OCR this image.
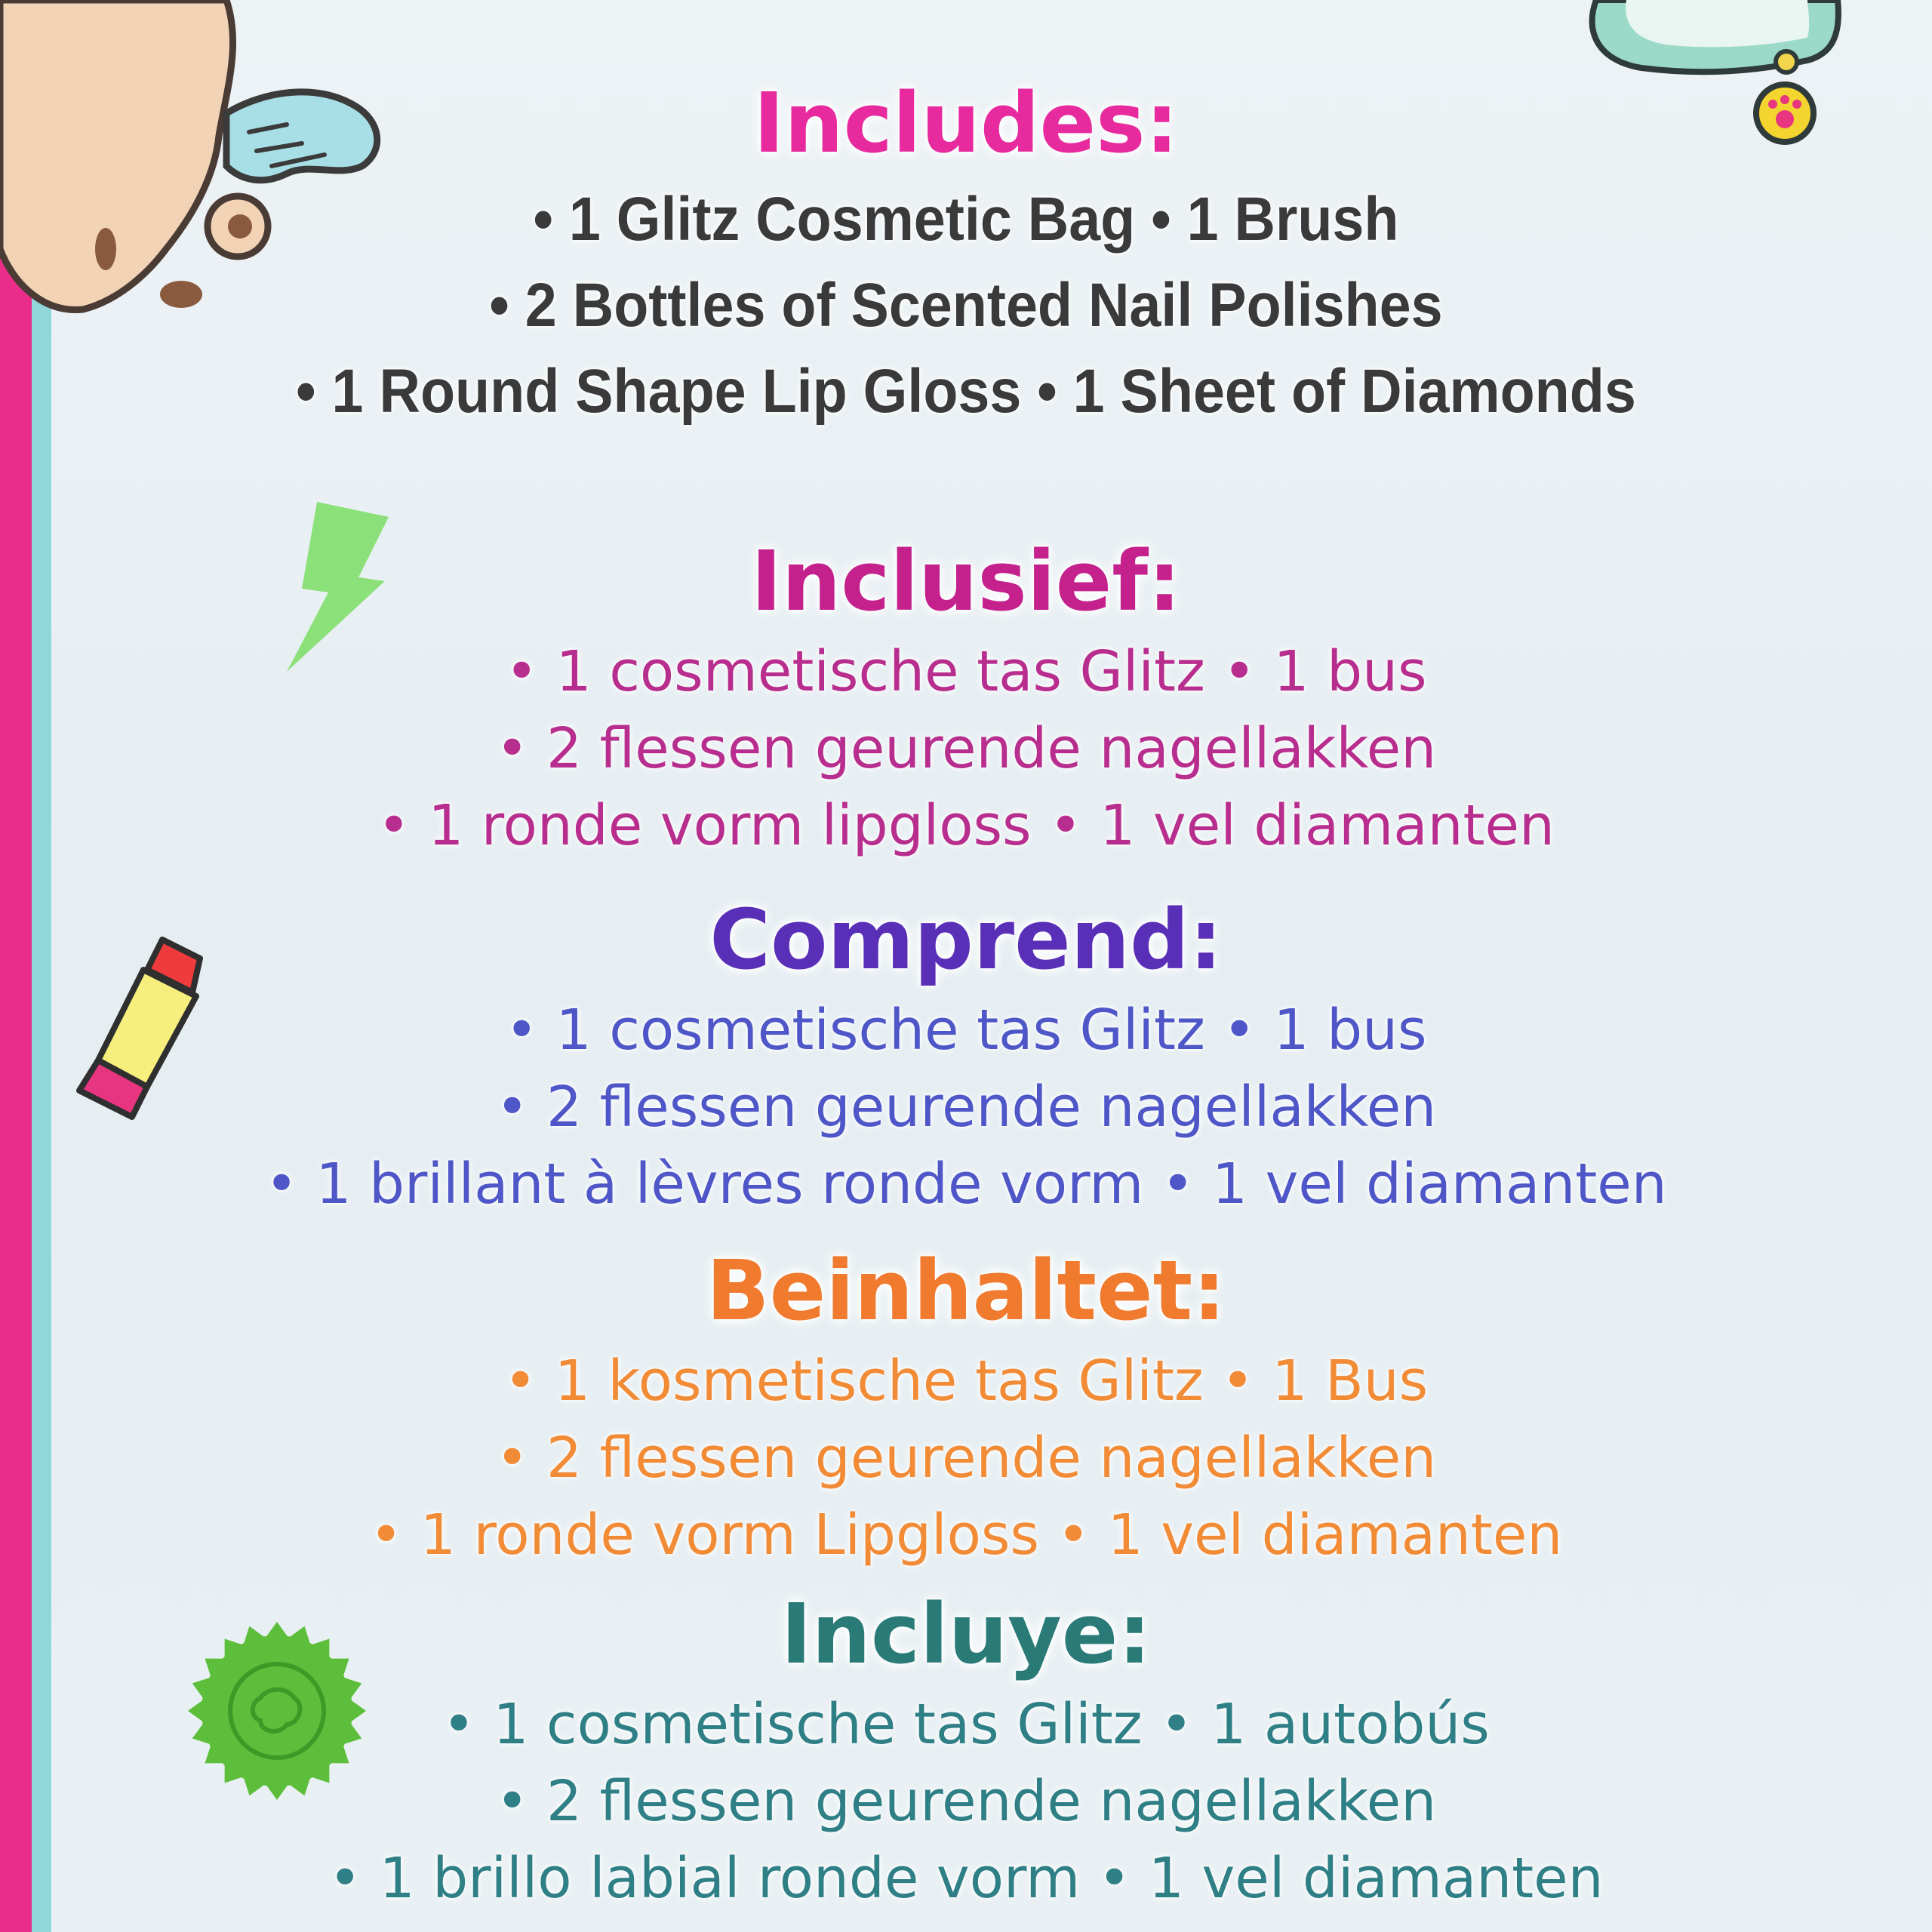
Includes:
• 1 Glitz Cosmetic Bag • 1 Brush
• 2 Bottles of Scented Nail Polishes
• 1 Round Shape Lip Gloss • 1 Sheet of Diamonds
Inclusief:
• 1 cosmetische tas Glitz • 1 bus
• 2 flessen geurende nagellakken
• 1 ronde vorm lipgloss • 1 vel diamanten
Comprend:
• 1 cosmetische tas Glitz • 1 bus
• 2 flessen geurende nagellakken
• 1 brillant à lèvres ronde vorm • 1 vel diamanten
Beinhaltet:
• 1 kosmetische tas Glitz • 1 Bus
• 2 flessen geurende nagellakken
• 1 ronde vorm Lipgloss • 1 vel diamanten
Incluye:
• 1 cosmetische tas Glitz • 1 autobús
• 2 flessen geurende nagellakken
• 1 brillo labial ronde vorm • 1 vel diamanten
